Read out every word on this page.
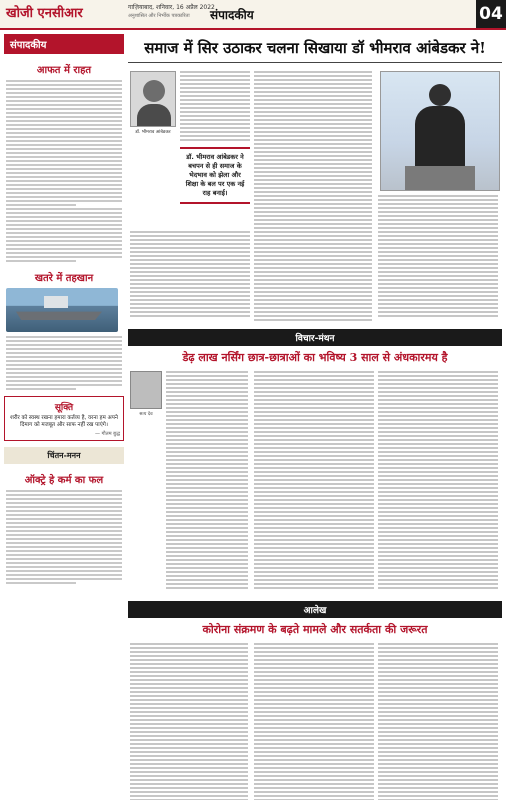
खोजी एनसीआर	गाज़ियाबाद, शनिवार, 16 अप्रैल 2022
अनुशासित और निर्भीक पत्रकारिता संपादकीय	04
संपादकीय
आफत में राहत
खतरे में तहखान
सूक्ति
शरीर को स्वस्थ रखना हमारा कर्तव्य है, वरना हम अपने दिमाग को मजबूत और साफ नहीं रख पाएंगे।
— गौतम बुद्ध
चिंतन-मनन
ऑक्ट्रे हे कर्म का फल
समाज में सिर उठाकर चलना सिखाया डॉ भीमराव आंबेडकर ने!
डॉ. भीमराव आंबेडकर
डॉ. भीमराव आंबेडकर ने बचपन से ही समाज के भेदभाव को झेला और शिक्षा के बल पर एक नई राह बनाई।
विचार-मंथन
डेढ़ लाख नर्सिंग छात्र-छात्राओं का भविष्य 3 साल से अंधकारमय है
सत्य देव
आलेख
कोरोना संक्रमण के बढ़ते मामले और सतर्कता की जरूरत
